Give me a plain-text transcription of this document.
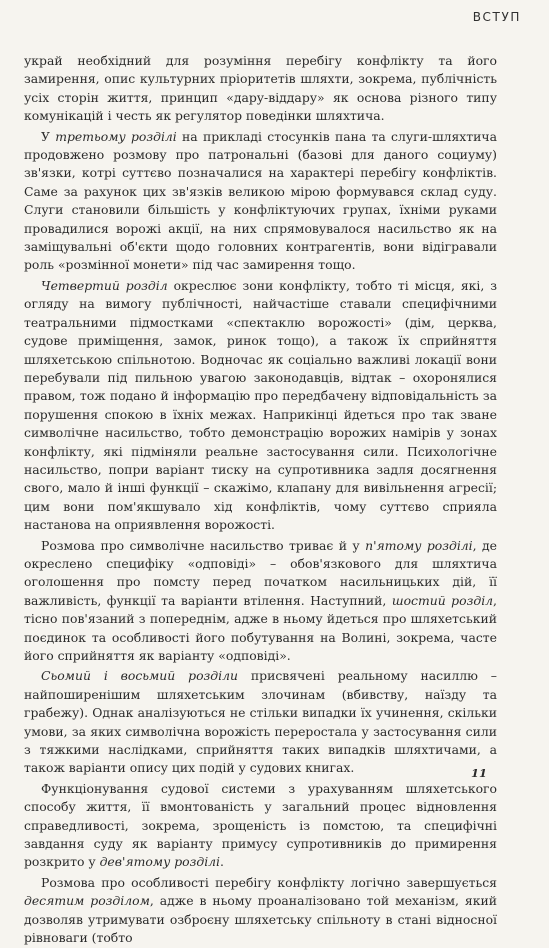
ВСТУП

украй необхідний для розуміння перебігу конфлікту та його замирення, опис культурних пріоритетів шляхти, зокрема, публічність усіх сторін життя, принцип «дару-віддару» як основа різного типу комунікацій і честь як регулятор поведінки шляхтича.

У третьому розділі на прикладі стосунків пана та слуги-шляхтича продовжено розмову про патрональні (базові для даного социуму) зв'язки, котрі суттєво позначалися на характері перебігу конфліктів. Саме за рахунок цих зв'язків великою мірою формувався склад суду. Слуги становили більшість у конфліктуючих групах, їхніми руками провадилися ворожі акції, на них спрямовувалося насильство як на заміщувальні об'єкти щодо головних контрагентів, вони відігравали роль «розмінної монети» під час замирення тощо.

Четвертий розділ окреслює зони конфлікту, тобто ті місця, які, з огляду на вимогу публічності, найчастіше ставали специфічними театральними підмостками «спектаклю ворожості» (дім, церква, судове приміщення, замок, ринок тощо), а також їх сприйняття шляхетською спільнотою. Водночас як соціально важливі локації вони перебували під пильною увагою законодавців, відтак – охоронялися правом, тож подано й інформацію про передбачену відповідальність за порушення спокою в їхніх межах. Наприкінці йдеться про так зване символічне насильство, тобто демонстрацію ворожих намірів у зонах конфлікту, які підміняли реальне застосування сили. Психологічне насильство, попри варіант тиску на супротивника задля досягнення свого, мало й інші функції – скажімо, клапану для вивільнення агресії; цим вони пом'якшувало хід конфліктів, чому суттєво сприяла настанова на оприявлення ворожості.

Розмова про символічне насильство триває й у п'ятому розділі, де окреслено специфіку «одповіді» – обов'язкового для шляхтича оголошення про помсту перед початком насильницьких дій, її важливість, функції та варіанти втілення. Наступний, шостий розділ, тісно пов'язаний з попереднім, адже в ньому йдеться про шляхетський поєдинок та особливості його побутування на Волині, зокрема, часте його сприйняття як варіанту «одповіді».

Сьомий і восьмий розділи присвячені реальному насиллю – найпоширенішим шляхетським злочинам (вбивству, наїзду та грабежу). Однак аналізуються не стільки випадки їх учинення, скільки умови, за яких символічна ворожість переростала у застосування сили з тяжкими наслідками, сприйняття таких випадків шляхтичами, а також варіанти опису цих подій у судових книгах.

Функціонування судової системи з урахуванням шляхетського способу життя, її вмонтованість у загальний процес відновлення справедливості, зокрема, зрощеність із помстою, та специфічні завдання суду як варіанту примусу супротивників до примирення розкрито у дев'ятому розділі.

Розмова про особливості перебігу конфлікту логічно завершується десятим розділом, адже в ньому проаналізовано той механізм, який дозволяв утримувати озброєну шляхетську спільноту в стані відносної рівноваги (тобто

11
